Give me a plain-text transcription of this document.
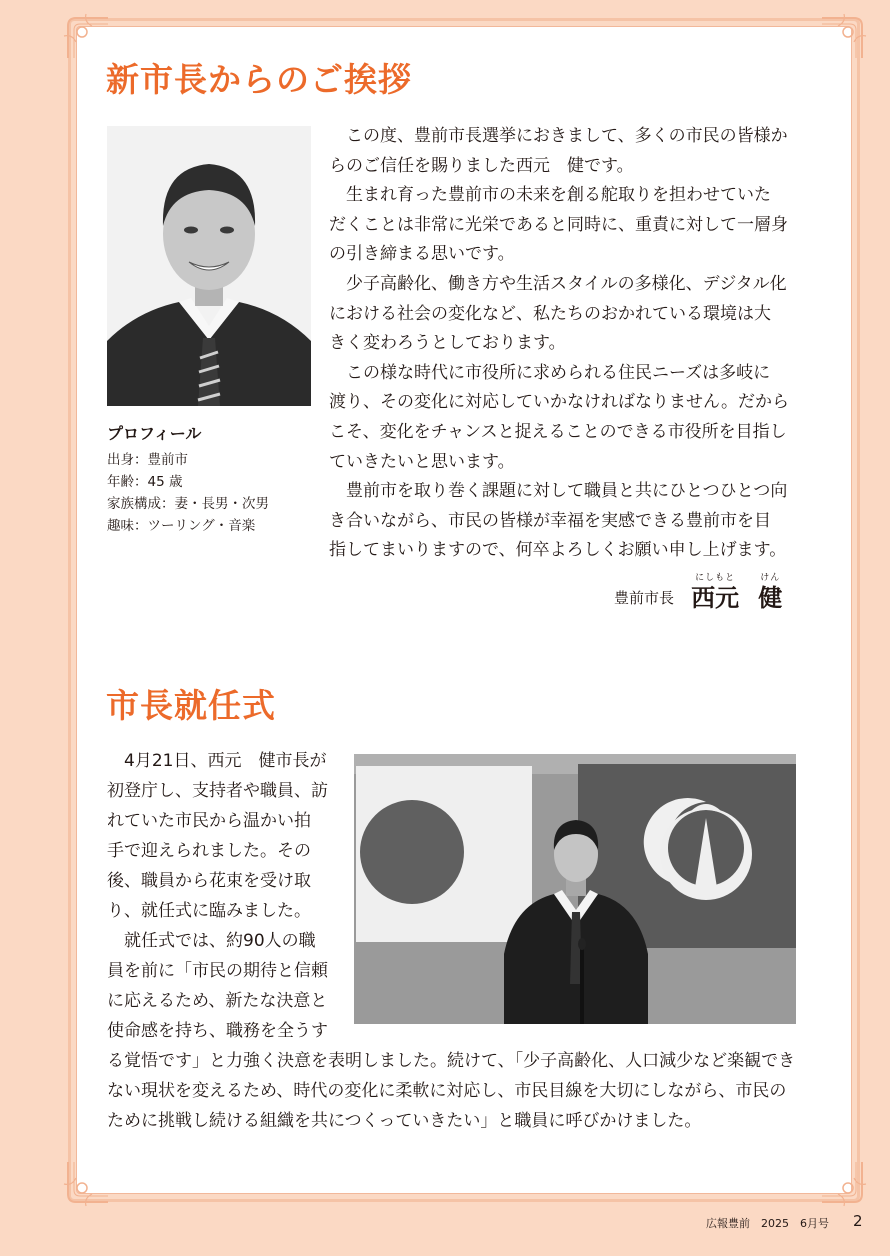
新市長からのご挨拶

プロフィール

出身：豊前市
年齢：45 歳
家族構成：妻・長男・次男
趣味：ツーリング・音楽

この度、豊前市長選挙におきまして、多くの市民の皆様か
らのご信任を賜りました西元　健です。

生まれ育った豊前市の未来を創る舵取りを担わせていた
だくことは非常に光栄であると同時に、重責に対して一層身
の引き締まる思いです。

少子高齢化、働き方や生活スタイルの多様化、デジタル化
における社会の変化など、私たちのおかれている環境は大
きく変わろうとしております。

この様な時代に市役所に求められる住民ニーズは多岐に
渡り、その変化に対応していかなければなりません。だから
こそ、変化をチャンスと捉えることのできる市役所を目指し
ていきたいと思います。

豊前市を取り巻く課題に対して職員と共にひとつひとつ向
き合いながら、市民の皆様が幸福を実感できる豊前市を目
指してまいりますので、何卒よろしくお願い申し上げます。

豊前市長
にしもと
西元

けん
健
市長就任式
4月21日、西元　健市長が
初登庁し、支持者や職員、訪
れていた市民から温かい拍
手で迎えられました。その
後、職員から花束を受け取
り、就任式に臨みました。
就任式では、約90人の職
員を前に「市民の期待と信頼
に応えるため、新たな決意と
使命感を持ち、職務を全うす
る覚悟です」と力強く決意を表明しました。続けて、「少子高齢化、人口減少など楽観でき
ない現状を変えるため、時代の変化に柔軟に対応し、市民目線を大切にしながら、市民の
ために挑戦し続ける組織を共につくっていきたい」と職員に呼びかけました。
広報豊前　2025　6月号 2
